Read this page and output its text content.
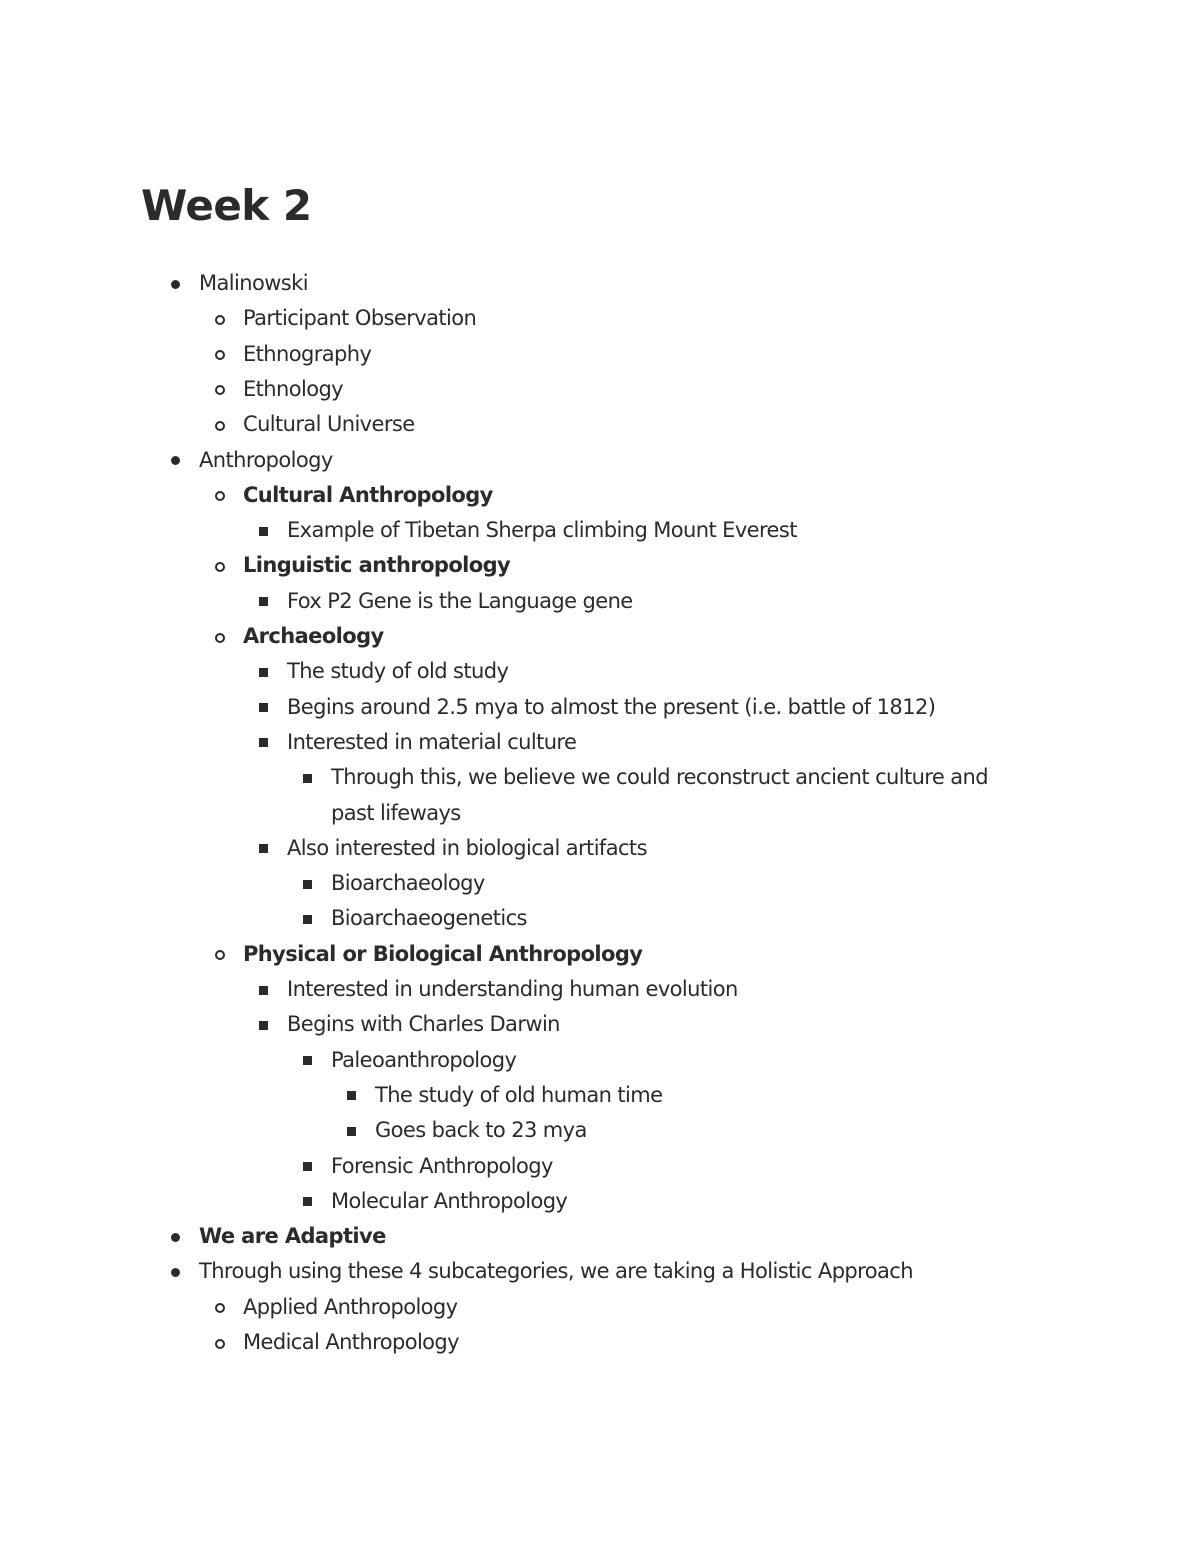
Week 2
Malinowski
Participant Observation
Ethnography
Ethnology
Cultural Universe
Anthropology
Cultural Anthropology
Example of Tibetan Sherpa climbing Mount Everest
Linguistic anthropology
Fox P2 Gene is the Language gene
Archaeology
The study of old study
Begins around 2.5 mya to almost the present (i.e. battle of 1812)
Interested in material culture
Through this, we believe we could reconstruct ancient culture and
past lifeways
Also interested in biological artifacts
Bioarchaeology
Bioarchaeogenetics
Physical or Biological Anthropology
Interested in understanding human evolution
Begins with Charles Darwin
Paleoanthropology
The study of old human time
Goes back to 23 mya
Forensic Anthropology
Molecular Anthropology
We are Adaptive
Through using these 4 subcategories, we are taking a Holistic Approach
Applied Anthropology
Medical Anthropology
